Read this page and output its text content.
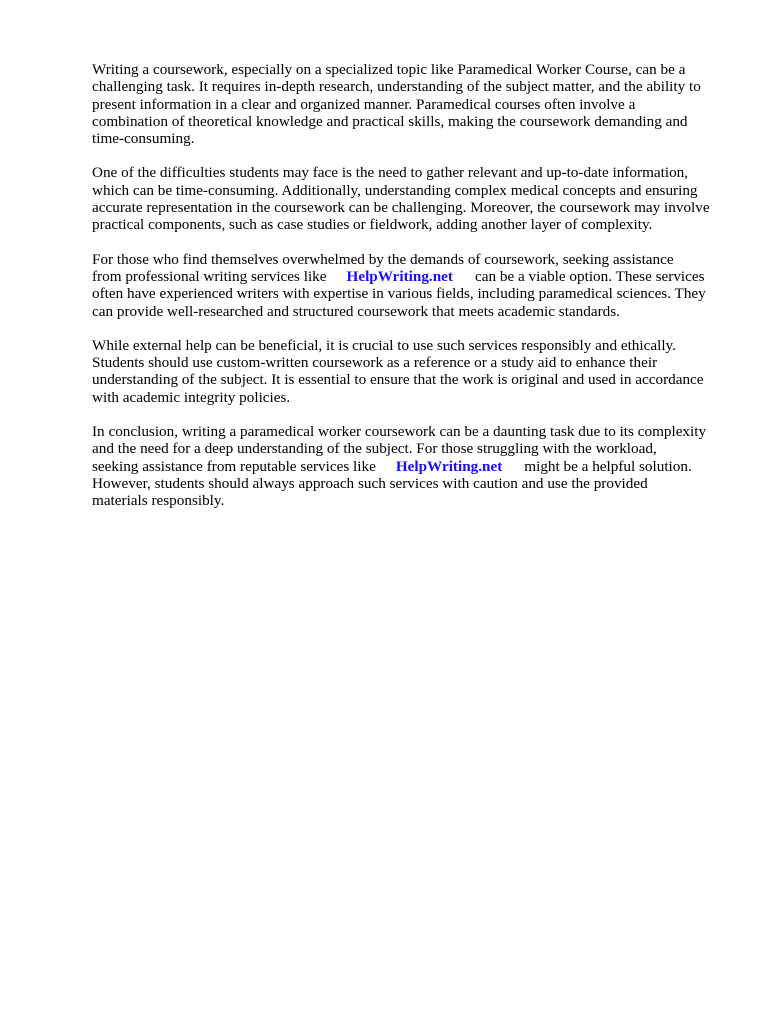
Writing a coursework, especially on a specialized topic like Paramedical Worker Course, can be a
challenging task. It requires in-depth research, understanding of the subject matter, and the ability to
present information in a clear and organized manner. Paramedical courses often involve a
combination of theoretical knowledge and practical skills, making the coursework demanding and
time-consuming.

One of the difficulties students may face is the need to gather relevant and up-to-date information,
which can be time-consuming. Additionally, understanding complex medical concepts and ensuring
accurate representation in the coursework can be challenging. Moreover, the coursework may involve
practical components, such as case studies or fieldwork, adding another layer of complexity.

For those who find themselves overwhelmed by the demands of coursework, seeking assistance
from professional writing services like HelpWriting.net can be a viable option. These services
often have experienced writers with expertise in various fields, including paramedical sciences. They
can provide well-researched and structured coursework that meets academic standards.

While external help can be beneficial, it is crucial to use such services responsibly and ethically.
Students should use custom-written coursework as a reference or a study aid to enhance their
understanding of the subject. It is essential to ensure that the work is original and used in accordance
with academic integrity policies.

In conclusion, writing a paramedical worker coursework can be a daunting task due to its complexity
and the need for a deep understanding of the subject. For those struggling with the workload,
seeking assistance from reputable services like HelpWriting.net might be a helpful solution.
However, students should always approach such services with caution and use the provided
materials responsibly.
